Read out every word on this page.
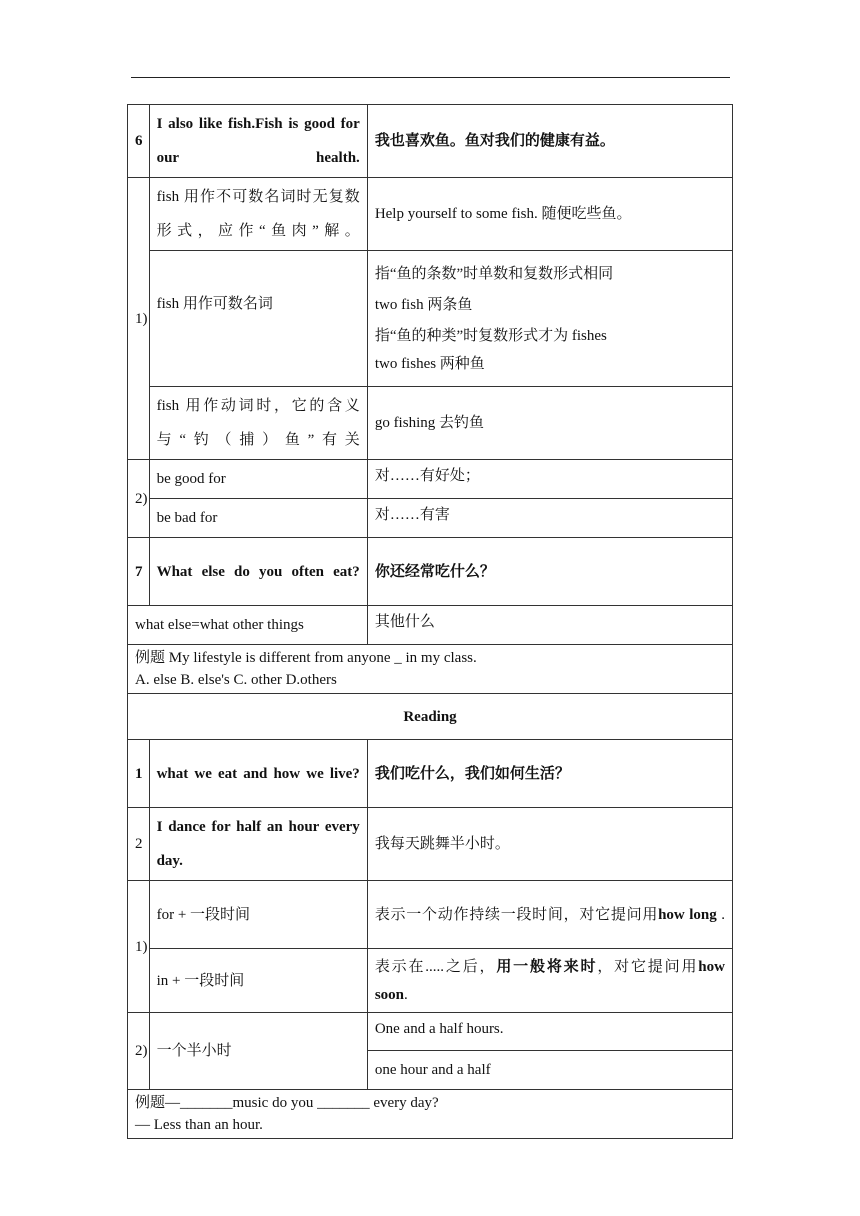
6	I also like fish.Fish is good for our health.	我也喜欢鱼。鱼对我们的健康有益。
1)	fish 用作不可数名词时无复数形式，应作“鱼肉”解。	Help yourself to some fish. 随便吃些鱼。
	fish 用作可数名词	指“鱼的条数”时单数和复数形式相同
two fish 两条鱼
指“鱼的种类”时复数形式才为 fishes
two fishes 两种鱼

	fish 用作动词时，它的含义与“钓（捕）鱼”有关	go fishing 去钓鱼
2)	be good for	对……有好处；
	be bad for	对……有害
7	What else do you often eat?	你还经常吃什么？
what else=what other things		其他什么

例题 My lifestyle is different from anyone _ in my class.
A. else B. else's C. other D.others		

Reading		
1	what we eat and how we live?	我们吃什么，我们如何生活？
2	I dance for half an hour every day.	我每天跳舞半小时。
1)	for + 一段时间	表示一个动作持续一段时间，对它提问用how long .
	in + 一段时间	表示在.....之后，用一般将来时，对它提问用how soon.
2)	一个半小时	One and a half hours.
		one hour and a half

例题—_______music do you _______ every day?
— Less than an hour.		
